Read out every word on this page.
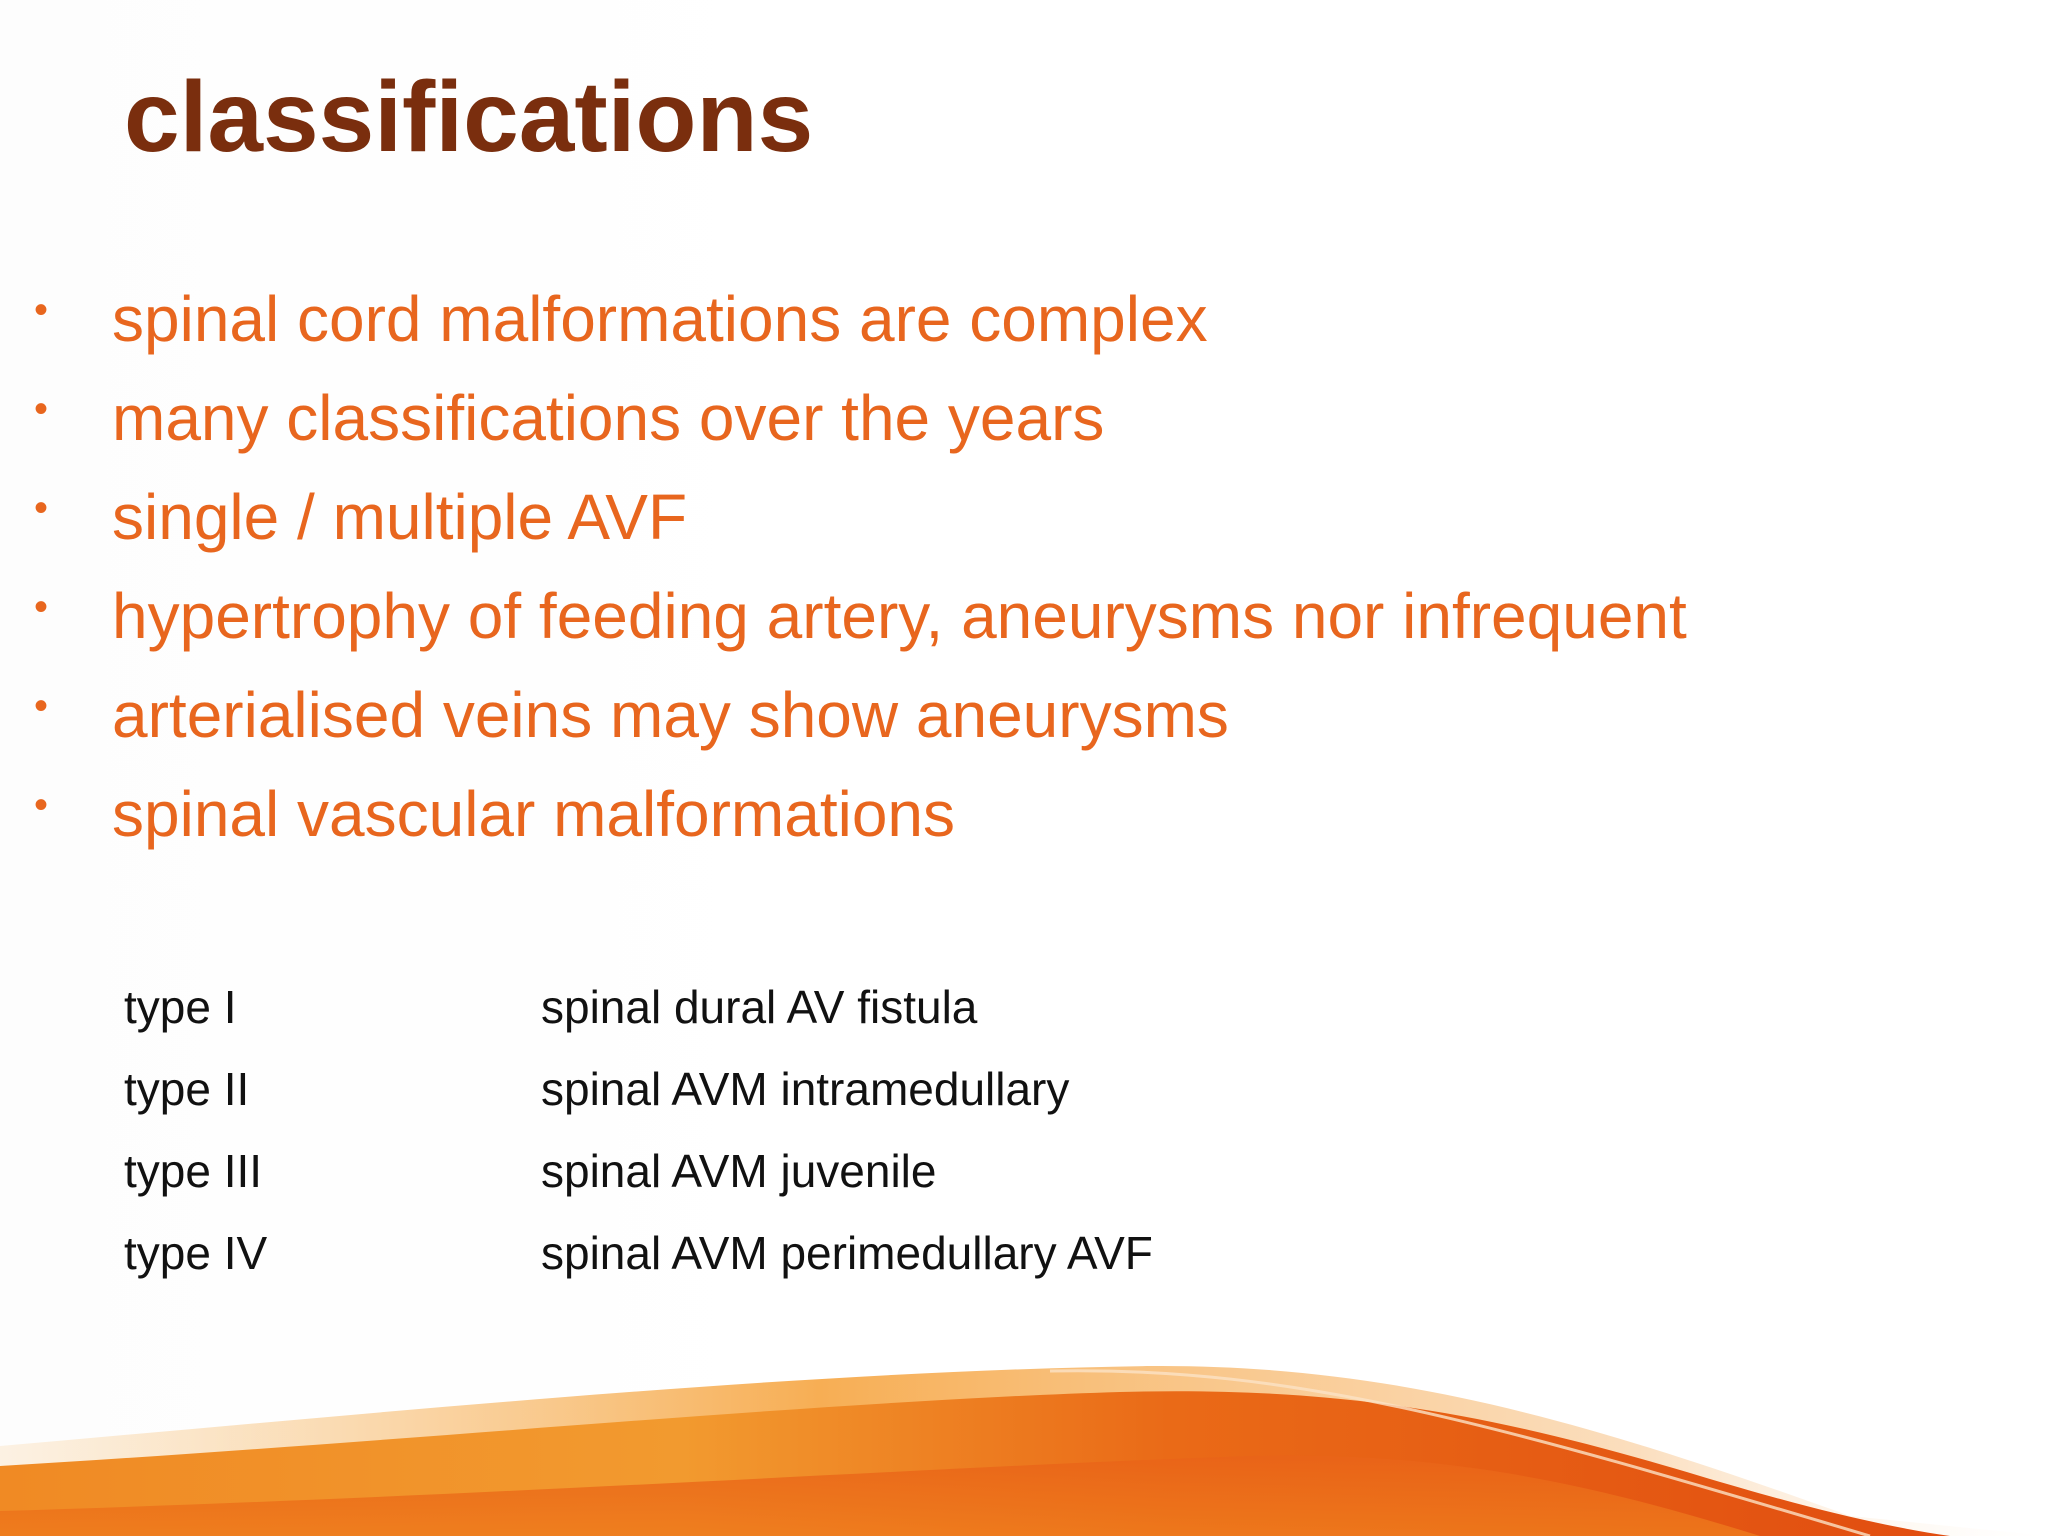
classifications
• spinal cord malformations are complex
• many classifications over the years
• single / multiple AVF
• hypertrophy of feeding artery, aneurysms nor infrequent
• arterialised veins may show aneurysms
• spinal vascular malformations
type I	spinal dural AV fistula
type II	spinal AVM intramedullary
type III	spinal AVM juvenile
type IV	spinal AVM perimedullary AVF
